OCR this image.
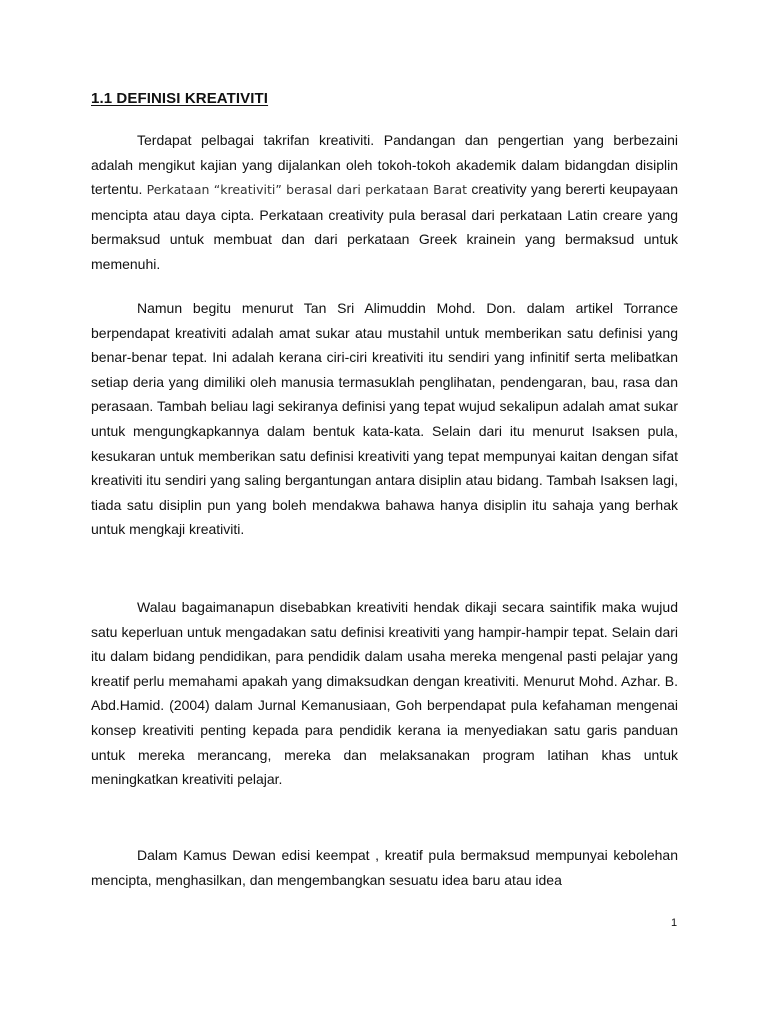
1.1 DEFINISI KREATIVITI

Terdapat pelbagai takrifan kreativiti. Pandangan dan pengertian yang berbezaini adalah mengikut kajian yang dijalankan oleh tokoh-tokoh akademik dalam bidangdan disiplin tertentu. Perkataan “kreativiti” berasal dari perkataan Barat creativity yang bererti keupayaan mencipta atau daya cipta. Perkataan creativity pula berasal dari perkataan Latin creare yang bermaksud untuk membuat dan dari perkataan Greek krainein yang bermaksud untuk memenuhi.

Namun begitu menurut Tan Sri Alimuddin Mohd. Don. dalam artikel Torrance berpendapat kreativiti adalah amat sukar atau mustahil untuk memberikan satu definisi yang benar-benar tepat. Ini adalah kerana ciri-ciri kreativiti itu sendiri yang infinitif serta melibatkan setiap deria yang dimiliki oleh manusia termasuklah penglihatan, pendengaran, bau, rasa dan perasaan. Tambah beliau lagi sekiranya definisi yang tepat wujud sekalipun adalah amat sukar untuk mengungkapkannya dalam bentuk kata-kata. Selain dari itu menurut Isaksen pula, kesukaran untuk memberikan satu definisi kreativiti yang tepat mempunyai kaitan dengan sifat kreativiti itu sendiri yang saling bergantungan antara disiplin atau bidang. Tambah Isaksen lagi, tiada satu disiplin pun yang boleh mendakwa bahawa hanya disiplin itu sahaja yang berhak untuk mengkaji kreativiti.

Walau bagaimanapun disebabkan kreativiti hendak dikaji secara saintifik maka wujud satu keperluan untuk mengadakan satu definisi kreativiti yang hampir-hampir tepat. Selain dari itu dalam bidang pendidikan, para pendidik dalam usaha mereka mengenal pasti pelajar yang kreatif perlu memahami apakah yang dimaksudkan dengan kreativiti. Menurut Mohd. Azhar. B. Abd.Hamid. (2004) dalam Jurnal Kemanusiaan, Goh berpendapat pula kefahaman mengenai konsep kreativiti penting kepada para pendidik kerana ia menyediakan satu garis panduan untuk mereka merancang, mereka dan melaksanakan program latihan khas untuk meningkatkan kreativiti pelajar.

Dalam Kamus Dewan edisi keempat , kreatif pula bermaksud mempunyai kebolehan mencipta, menghasilkan, dan mengembangkan sesuatu idea baru atau idea

1
